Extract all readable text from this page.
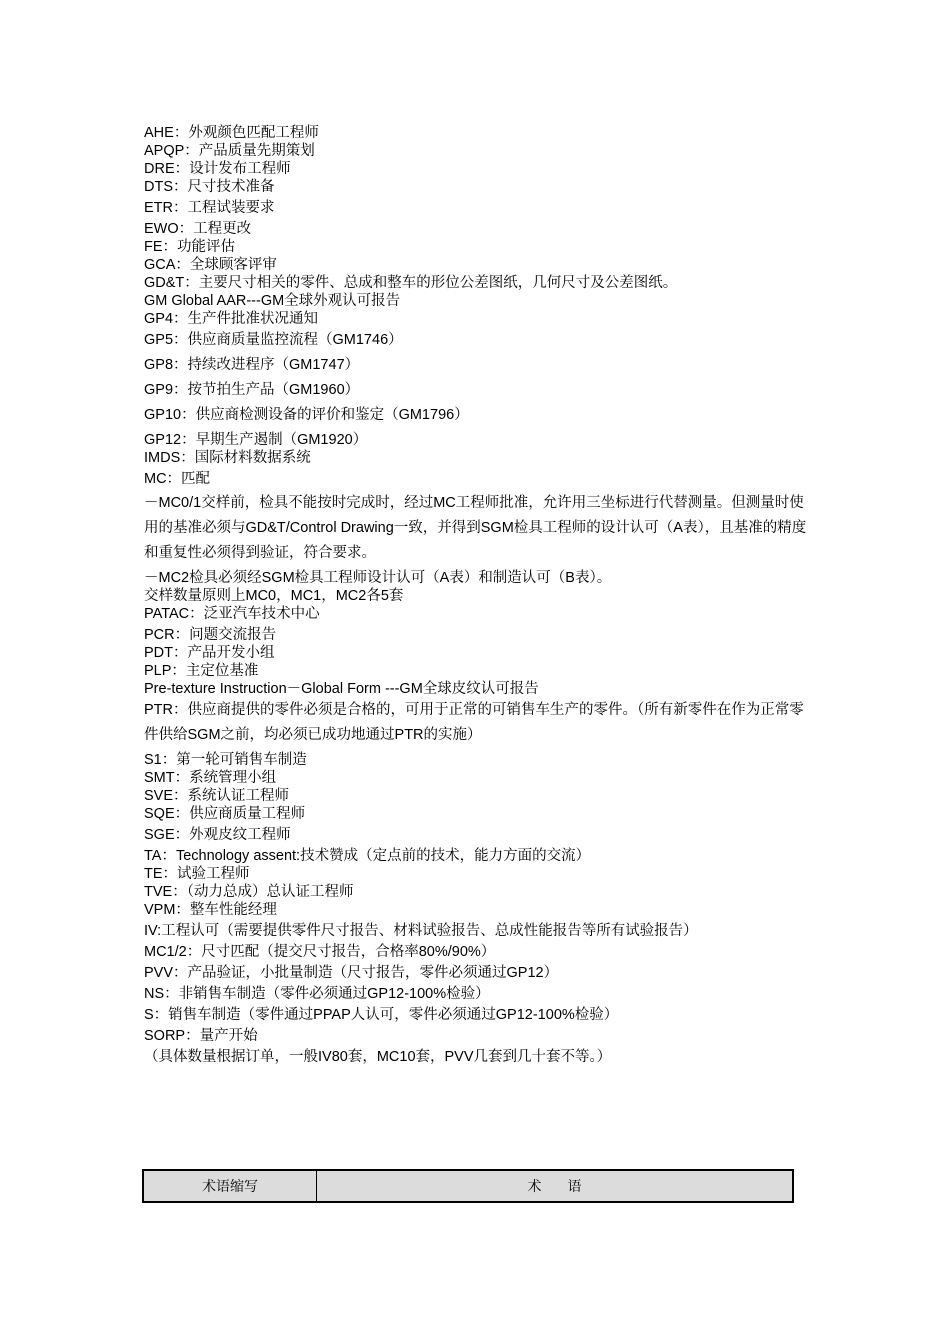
AHE：外观颜色匹配工程师

APQP：产品质量先期策划

DRE：设计发布工程师

DTS：尺寸技术准备

ETR：工程试装要求

EWO：工程更改

FE：功能评估

GCA：全球顾客评审

GD&T：主要尺寸相关的零件、总成和整车的形位公差图纸，几何尺寸及公差图纸。

GM Global AAR---GM全球外观认可报告

GP4：生产件批准状况通知

GP5：供应商质量监控流程（GM1746）

GP8：持续改进程序（GM1747）

GP9：按节拍生产品（GM1960）

GP10：供应商检测设备的评价和鉴定（GM1796）

GP12：早期生产遏制（GM1920）

IMDS：国际材料数据系统

MC：匹配

－MC0/1交样前，检具不能按时完成时，经过MC工程师批准，允许用三坐标进行代替测量。但测量时使用的基准必须与GD&T/Control Drawing一致，并得到SGM检具工程师的设计认可（A表），且基准的精度和重复性必须得到验证，符合要求。

－MC2检具必须经SGM检具工程师设计认可（A表）和制造认可（B表）。

交样数量原则上MC0，MC1，MC2各5套

PATAC：泛亚汽车技术中心

PCR：问题交流报告

PDT：产品开发小组

PLP：主定位基准

Pre-texture Instruction－Global Form ---GM全球皮纹认可报告

PTR：供应商提供的零件必须是合格的，可用于正常的可销售车生产的零件。（所有新零件在作为正常零件供给SGM之前，均必须已成功地通过PTR的实施）

S1：第一轮可销售车制造

SMT：系统管理小组

SVE：系统认证工程师

SQE：供应商质量工程师

SGE：外观皮纹工程师

TA：Technology assent:技术赞成（定点前的技术，能力方面的交流）

TE：试验工程师

TVE：（动力总成）总认证工程师

VPM：整车性能经理

IV:工程认可（需要提供零件尺寸报告、材料试验报告、总成性能报告等所有试验报告）

MC1/2：尺寸匹配（提交尺寸报告，合格率80%/90%）

PVV：产品验证，小批量制造（尺寸报告，零件必须通过GP12）

NS：非销售车制造（零件必须通过GP12-100%检验）

S：销售车制造（零件通过PPAP人认可，零件必须通过GP12-100%检验）

SORP：量产开始

（具体数量根据订单，一般IV80套，MC10套，PVV几套到几十套不等。）

术语缩写	术语
